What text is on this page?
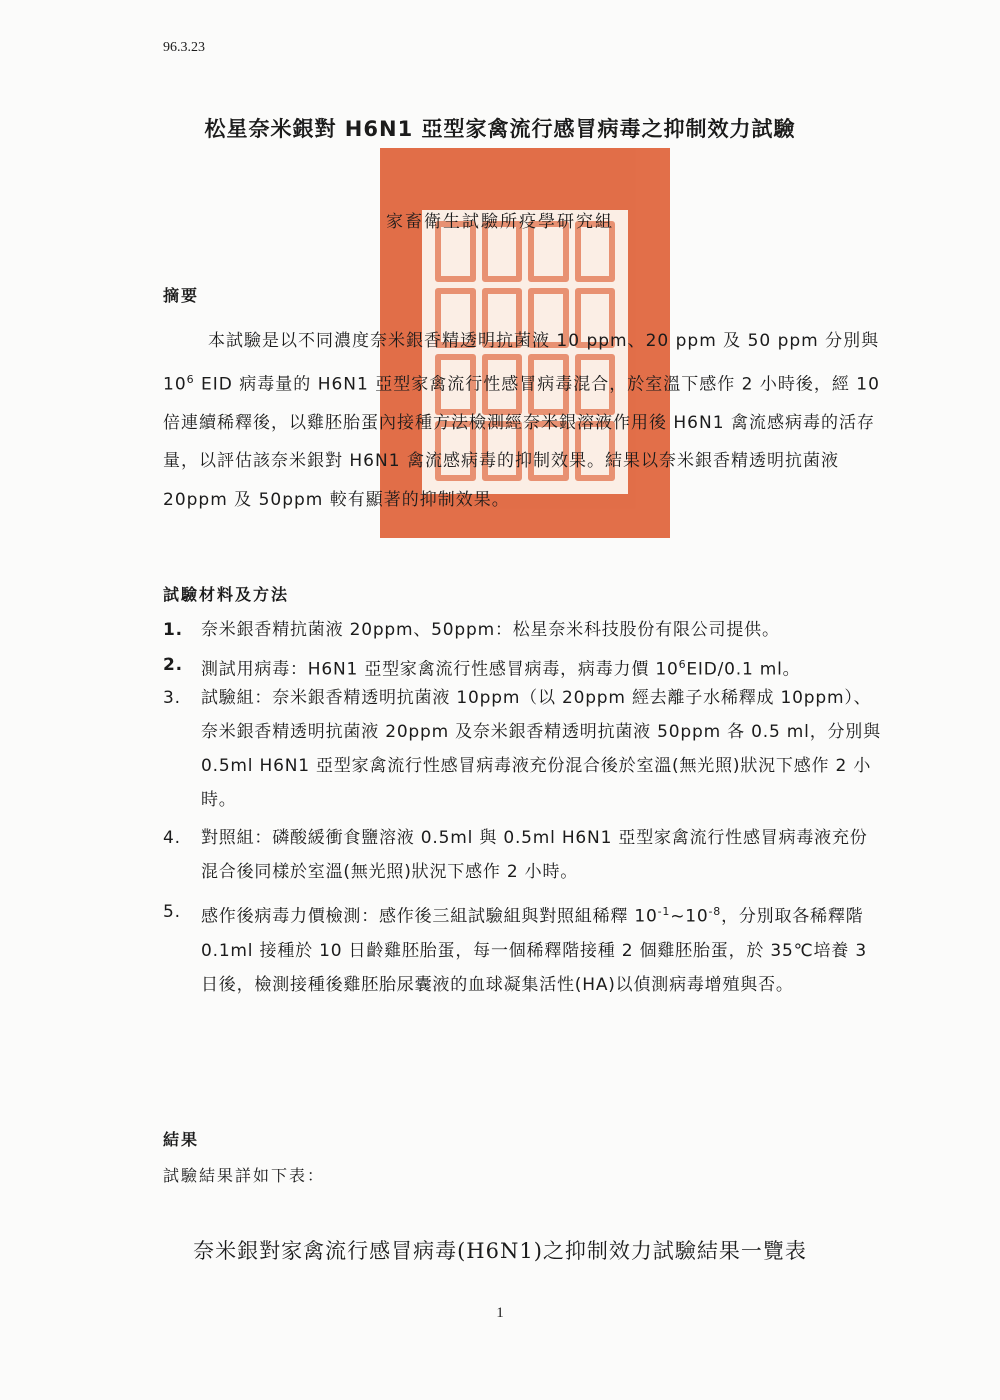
96.3.23
松星奈米銀對 H6N1 亞型家禽流行感冒病毒之抑制效力試驗
家畜衛生試驗所疫學研究組
摘要
本試驗是以不同濃度奈米銀香精透明抗菌液 10 ppm、20 ppm 及 50 ppm 分別與 $10^6$ EID 病毒量的 H6N1 亞型家禽流行性感冒病毒混合，於室溫下感作 2 小時後，經 10 倍連續稀釋後，以雞胚胎蛋內接種方法檢測經奈米銀溶液作用後 H6N1 禽流感病毒的活存量，以評估該奈米銀對 H6N1 禽流感病毒的抑制效果。結果以奈米銀香精透明抗菌液 20ppm 及 50ppm 較有顯著的抑制效果。
試驗材料及方法
1.	奈米銀香精抗菌液 20ppm、50ppm：松星奈米科技股份有限公司提供。
2.	測試用病毒：H6N1 亞型家禽流行性感冒病毒，病毒力價 $10^6EID/0.1$ ml。
3.	試驗組：奈米銀香精透明抗菌液 10ppm（以 20ppm 經去離子水稀釋成 10ppm）、奈米銀香精透明抗菌液 20ppm 及奈米銀香精透明抗菌液 50ppm 各 0.5 ml，分別與 0.5ml H6N1 亞型家禽流行性感冒病毒液充份混合後於室溫(無光照)狀況下感作 2 小時。
4.	對照組：磷酸緩衝食鹽溶液 0.5ml 與 0.5ml H6N1 亞型家禽流行性感冒病毒液充份混合後同樣於室溫(無光照)狀況下感作 2 小時。
5.	感作後病毒力價檢測：感作後三組試驗組與對照組稀釋 $10^{-1}\sim 10^{-8}$，分別取各稀釋階 0.1ml 接種於 10 日齡雞胚胎蛋，每一個稀釋階接種 2 個雞胚胎蛋，於 35℃培養 3 日後，檢測接種後雞胚胎尿囊液的血球凝集活性(HA)以偵測病毒增殖與否。
結果
試驗結果詳如下表：
奈米銀對家禽流行感冒病毒(H6N1)之抑制效力試驗結果一覽表
1
